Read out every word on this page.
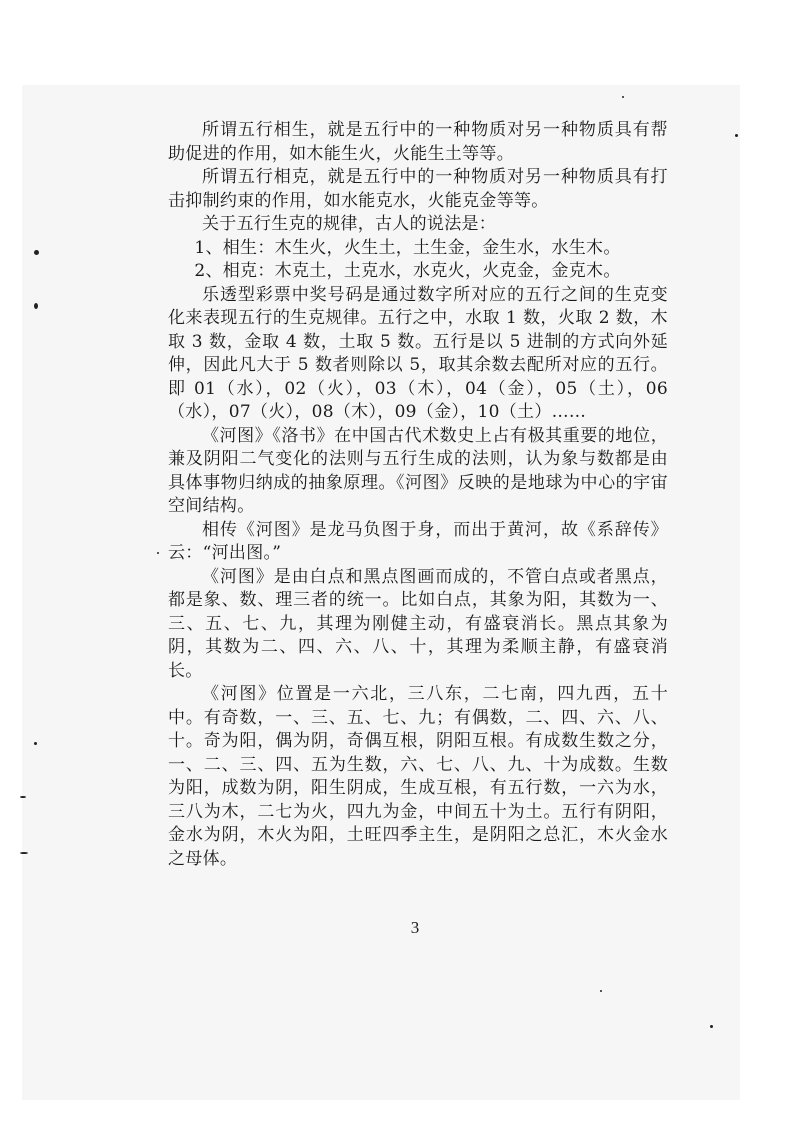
所谓五行相生，就是五行中的一种物质对另一种物质具有帮助促进的作用，如木能生火，火能生土等等。

所谓五行相克，就是五行中的一种物质对另一种物质具有打击抑制约束的作用，如水能克水，火能克金等等。

关于五行生克的规律，古人的说法是：

1、相生：木生火，火生土，土生金，金生水，水生木。

2、相克：木克土，土克水，水克火，火克金，金克木。

乐透型彩票中奖号码是通过数字所对应的五行之间的生克变化来表现五行的生克规律。五行之中，水取 1 数，火取 2 数，木取 3 数，金取 4 数，土取 5 数。五行是以 5 进制的方式向外延伸，因此凡大于 5 数者则除以 5，取其余数去配所对应的五行。即 01（水），02（火），03（木），04（金），05（土），06（水），07（火），08（木），09（金），10（土）……

《河图》《洛书》在中国古代术数史上占有极其重要的地位，兼及阴阳二气变化的法则与五行生成的法则，认为象与数都是由具体事物归纳成的抽象原理。《河图》反映的是地球为中心的宇宙空间结构。

相传《河图》是龙马负图于身，而出于黄河，故《系辞传》云：“河出图。”

《河图》是由白点和黑点图画而成的，不管白点或者黑点，都是象、数、理三者的统一。比如白点，其象为阳，其数为一、三、五、七、九，其理为刚健主动，有盛衰消长。黑点其象为阴，其数为二、四、六、八、十，其理为柔顺主静，有盛衰消长。

《河图》位置是一六北，三八东，二七南，四九西，五十中。有奇数，一、三、五、七、九；有偶数，二、四、六、八、十。奇为阳，偶为阴，奇偶互根，阴阳互根。有成数生数之分，一、二、三、四、五为生数，六、七、八、九、十为成数。生数为阳，成数为阴，阳生阴成，生成互根，有五行数，一六为水，三八为木，二七为火，四九为金，中间五十为土。五行有阴阳，金水为阴，木火为阳，土旺四季主生，是阴阳之总汇，木火金水之母体。

3
